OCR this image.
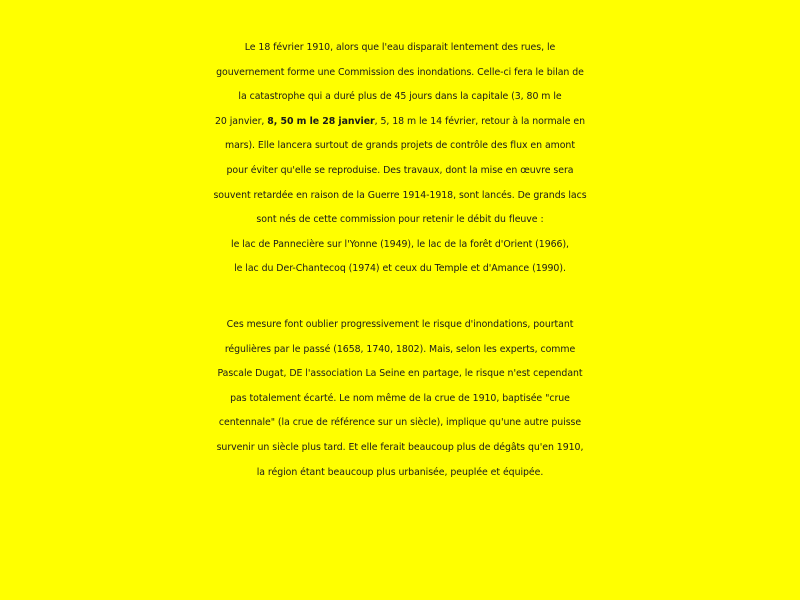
Le 18 février 1910, alors que l'eau disparait lentement des rues, le
gouvernement forme une Commission des inondations. Celle-ci fera le bilan de
la catastrophe qui a duré plus de 45 jours dans la capitale (3, 80 m le
20 janvier, 8, 50 m le 28 janvier, 5, 18 m le 14 février, retour à la normale en
mars). Elle lancera surtout de grands projets de contrôle des flux en amont
pour éviter qu'elle se reproduise. Des travaux, dont la mise en œuvre sera
souvent retardée en raison de la Guerre 1914-1918, sont lancés. De grands lacs
sont nés de cette commission pour retenir le débit du fleuve :
le lac de Pannecière sur l'Yonne (1949), le lac de la forêt d'Orient (1966),
le lac du Der-Chantecoq (1974) et ceux du Temple et d'Amance (1990).
Ces mesure font oublier progressivement le risque d'inondations, pourtant
régulières par le passé (1658, 1740, 1802). Mais, selon les experts, comme
Pascale Dugat, DE l'association La Seine en partage, le risque n'est cependant
pas totalement écarté. Le nom même de la crue de 1910, baptisée "crue
centennale" (la crue de référence sur un siècle), implique qu'une autre puisse
survenir un siècle plus tard. Et elle ferait beaucoup plus de dégâts qu'en 1910,
la région étant beaucoup plus urbanisée, peuplée et équipée.
